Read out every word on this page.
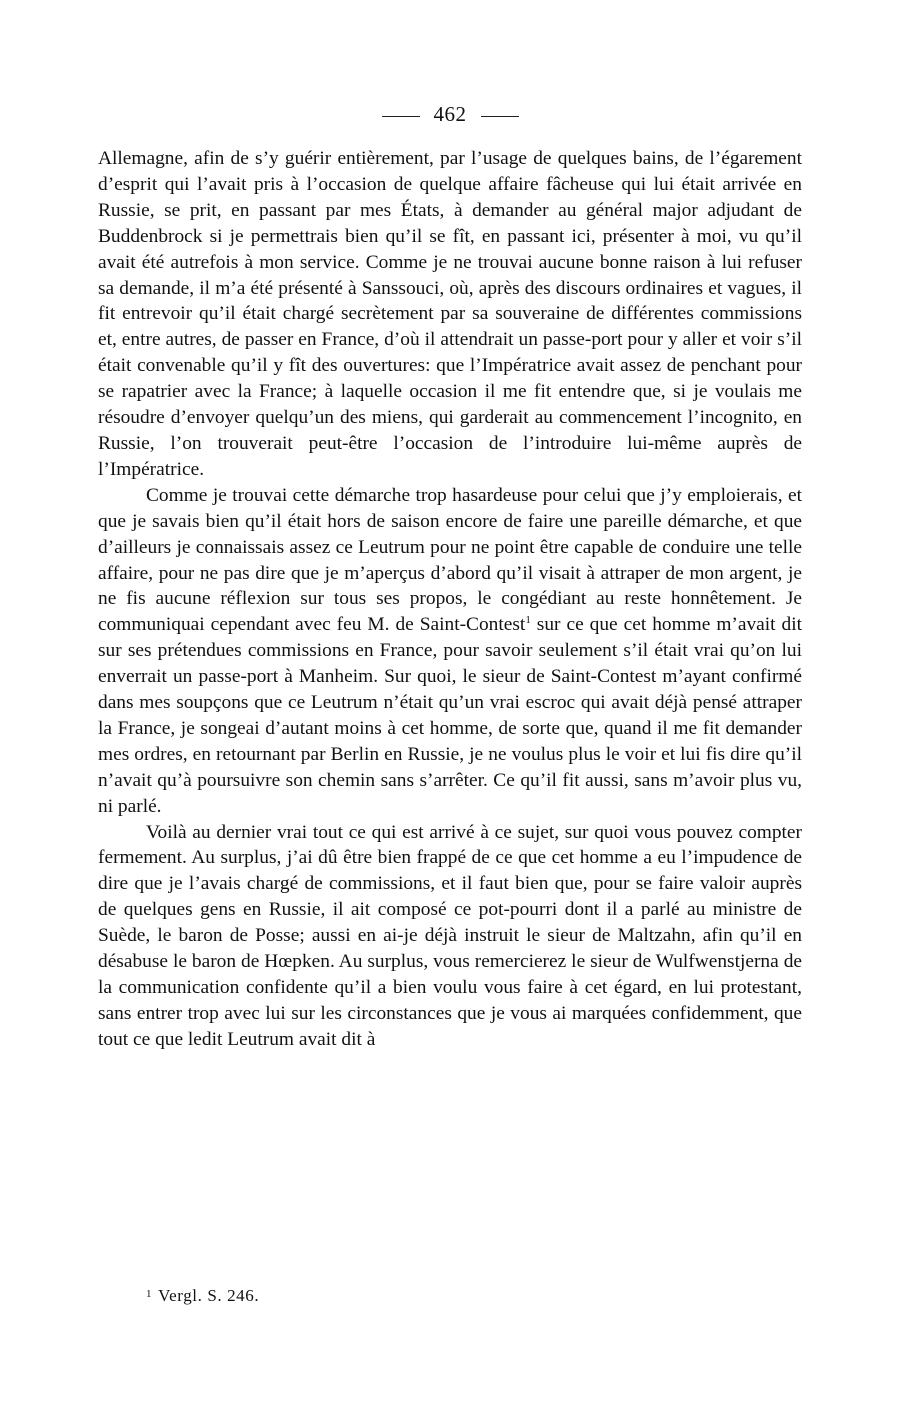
462

Allemagne, afin de s’y guérir entièrement, par l’usage de quelques bains, de l’égarement d’esprit qui l’avait pris à l’occasion de quelque affaire fâcheuse qui lui était arrivée en Russie, se prit, en passant par mes États, à demander au général major adjudant de Buddenbrock si je permettrais bien qu’il se fît, en passant ici, présenter à moi, vu qu’il avait été autrefois à mon service. Comme je ne trouvai aucune bonne raison à lui refuser sa demande, il m’a été présenté à Sanssouci, où, après des discours ordinaires et vagues, il fit entrevoir qu’il était chargé secrètement par sa souveraine de différentes commissions et, entre autres, de passer en France, d’où il attendrait un passe-port pour y aller et voir s’il était convenable qu’il y fît des ouvertures: que l’Impératrice avait assez de penchant pour se rapatrier avec la France; à laquelle occasion il me fit entendre que, si je voulais me résoudre d’envoyer quelqu’un des miens, qui garderait au commencement l’incognito, en Russie, l’on trouverait peut-être l’occasion de l’introduire lui-même auprès de l’Impératrice.

Comme je trouvai cette démarche trop hasardeuse pour celui que j’y emploierais, et que je savais bien qu’il était hors de saison encore de faire une pareille démarche, et que d’ailleurs je connaissais assez ce Leutrum pour ne point être capable de conduire une telle affaire, pour ne pas dire que je m’aperçus d’abord qu’il visait à attraper de mon argent, je ne fis aucune réflexion sur tous ses propos, le congédiant au reste honnêtement. Je communiquai cependant avec feu M. de Saint-Contest$^1$ sur ce que cet homme m’avait dit sur ses prétendues commissions en France, pour savoir seulement s’il était vrai qu’on lui enverrait un passe-port à Manheim. Sur quoi, le sieur de Saint-Contest m’ayant confirmé dans mes soupçons que ce Leutrum n’était qu’un vrai escroc qui avait déjà pensé attraper la France, je songeai d’autant moins à cet homme, de sorte que, quand il me fit demander mes ordres, en retournant par Berlin en Russie, je ne voulus plus le voir et lui fis dire qu’il n’avait qu’à poursuivre son chemin sans s’arrêter. Ce qu’il fit aussi, sans m’avoir plus vu, ni parlé.

Voilà au dernier vrai tout ce qui est arrivé à ce sujet, sur quoi vous pouvez compter fermement. Au surplus, j’ai dû être bien frappé de ce que cet homme a eu l’impudence de dire que je l’avais chargé de commissions, et il faut bien que, pour se faire valoir auprès de quelques gens en Russie, il ait composé ce pot-pourri dont il a parlé au ministre de Suède, le baron de Posse; aussi en ai-je déjà instruit le sieur de Maltzahn, afin qu’il en désabuse le baron de Hœpken. Au surplus, vous remercierez le sieur de Wulfwenstjerna de la communication confidente qu’il a bien voulu vous faire à cet égard, en lui protestant, sans entrer trop avec lui sur les circonstances que je vous ai marquées confidemment, que tout ce que ledit Leutrum avait dit à

$^1$ Vergl. S. 246.
